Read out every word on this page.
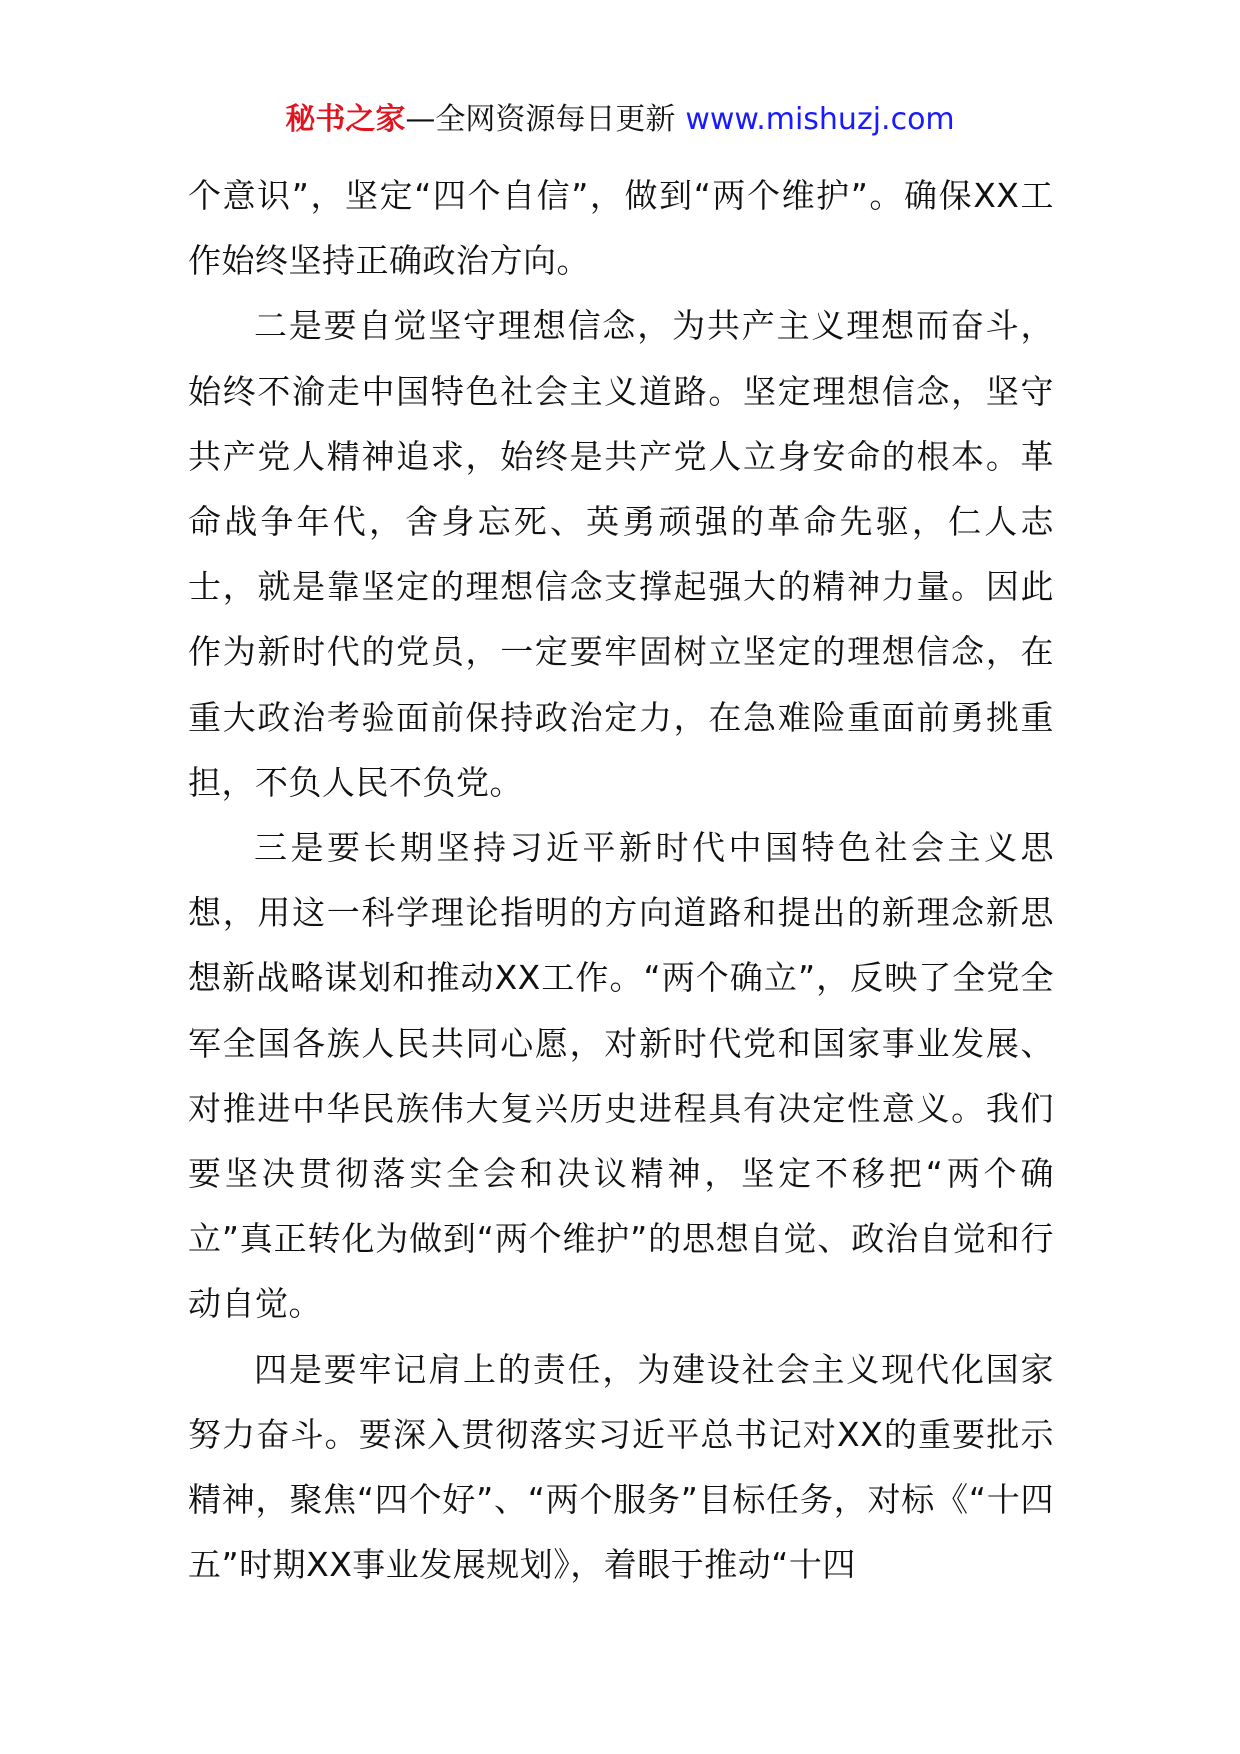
秘书之家—全网资源每日更新 www.mishuzj.com

个意识”，坚定“四个自信”，做到“两个维护”。确保XX工作始终坚持正确政治方向。

二是要自觉坚守理想信念，为共产主义理想而奋斗，始终不渝走中国特色社会主义道路。坚定理想信念，坚守共产党人精神追求，始终是共产党人立身安命的根本。革命战争年代，舍身忘死、英勇顽强的革命先驱，仁人志士，就是靠坚定的理想信念支撑起强大的精神力量。因此作为新时代的党员，一定要牢固树立坚定的理想信念，在重大政治考验面前保持政治定力，在急难险重面前勇挑重担，不负人民不负党。

三是要长期坚持习近平新时代中国特色社会主义思想，用这一科学理论指明的方向道路和提出的新理念新思想新战略谋划和推动XX工作。“两个确立”，反映了全党全军全国各族人民共同心愿，对新时代党和国家事业发展、对推进中华民族伟大复兴历史进程具有决定性意义。我们要坚决贯彻落实全会和决议精神，坚定不移把“两个确立”真正转化为做到“两个维护”的思想自觉、政治自觉和行动自觉。

四是要牢记肩上的责任，为建设社会主义现代化国家努力奋斗。要深入贯彻落实习近平总书记对XX的重要批示精神，聚焦“四个好”、“两个服务”目标任务，对标《“十四五”时期XX事业发展规划》，着眼于推动“十四
